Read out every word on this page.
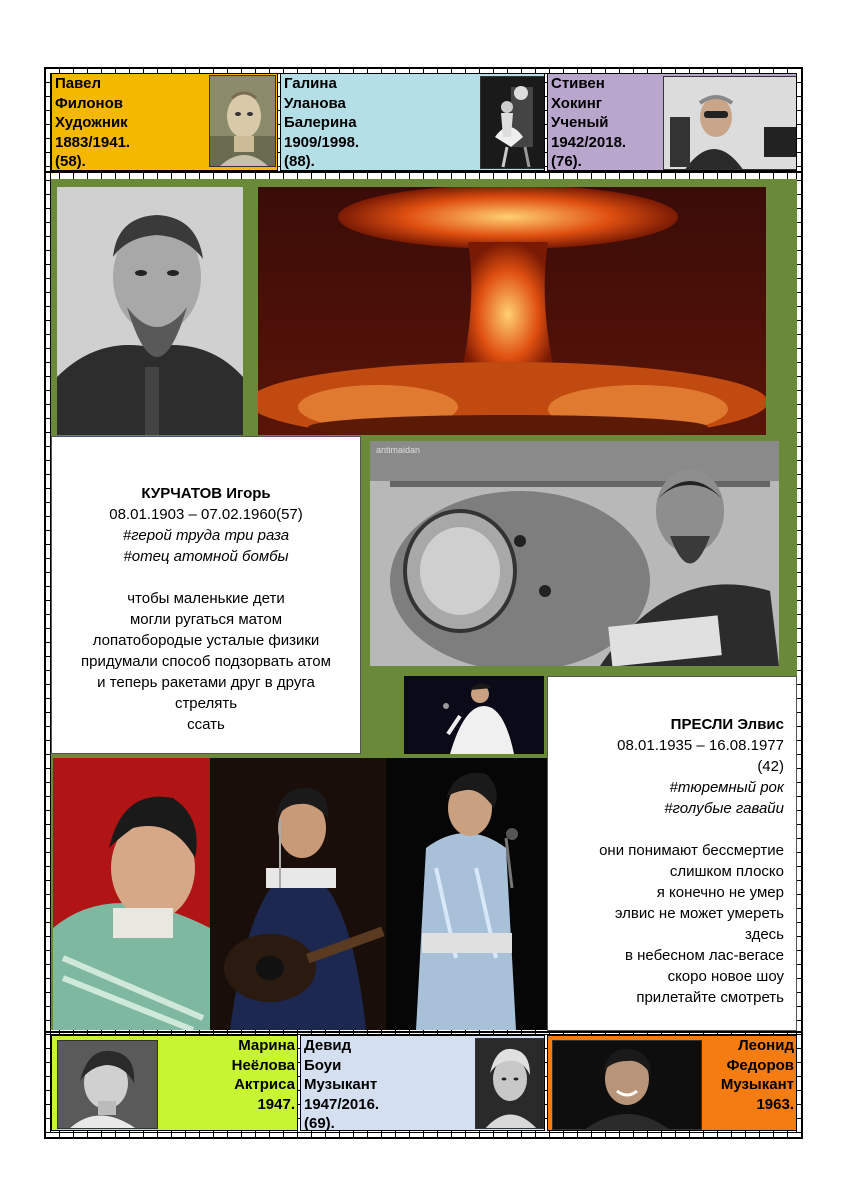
Павел
Филонов
Художник
1883/1941.
(58).
Галина
Уланова
Балерина
1909/1998.
(88).
Стивен
Хокинг
Ученый
1942/2018.
(76).
КУРЧАТОВ Игорь
08.01.1903 – 07.02.1960(57)
#герой труда три раза
#отец атомной бомбы
чтобы маленькие дети
могли ругаться матом
лопатобородые усталые физики
придумали способ подзорвать атом
и теперь ракетами друг в друга
стрелять
ссать
antimaidan
ПРЕСЛИ Элвис
08.01.1935 – 16.08.1977
(42)
#тюремный рок
#голубые гавайи
они понимают бессмертие
слишком плоско
я конечно не умер
элвис не может умереть
здесь
в небесном лас-вегасе
скоро новое шоу
прилетайте смотреть
Марина
Неёлова
Актриса
1947.
Девид
Боуи
Музыкант
1947/2016.
(69).
Леонид
Федоров
Музыкант
1963.
